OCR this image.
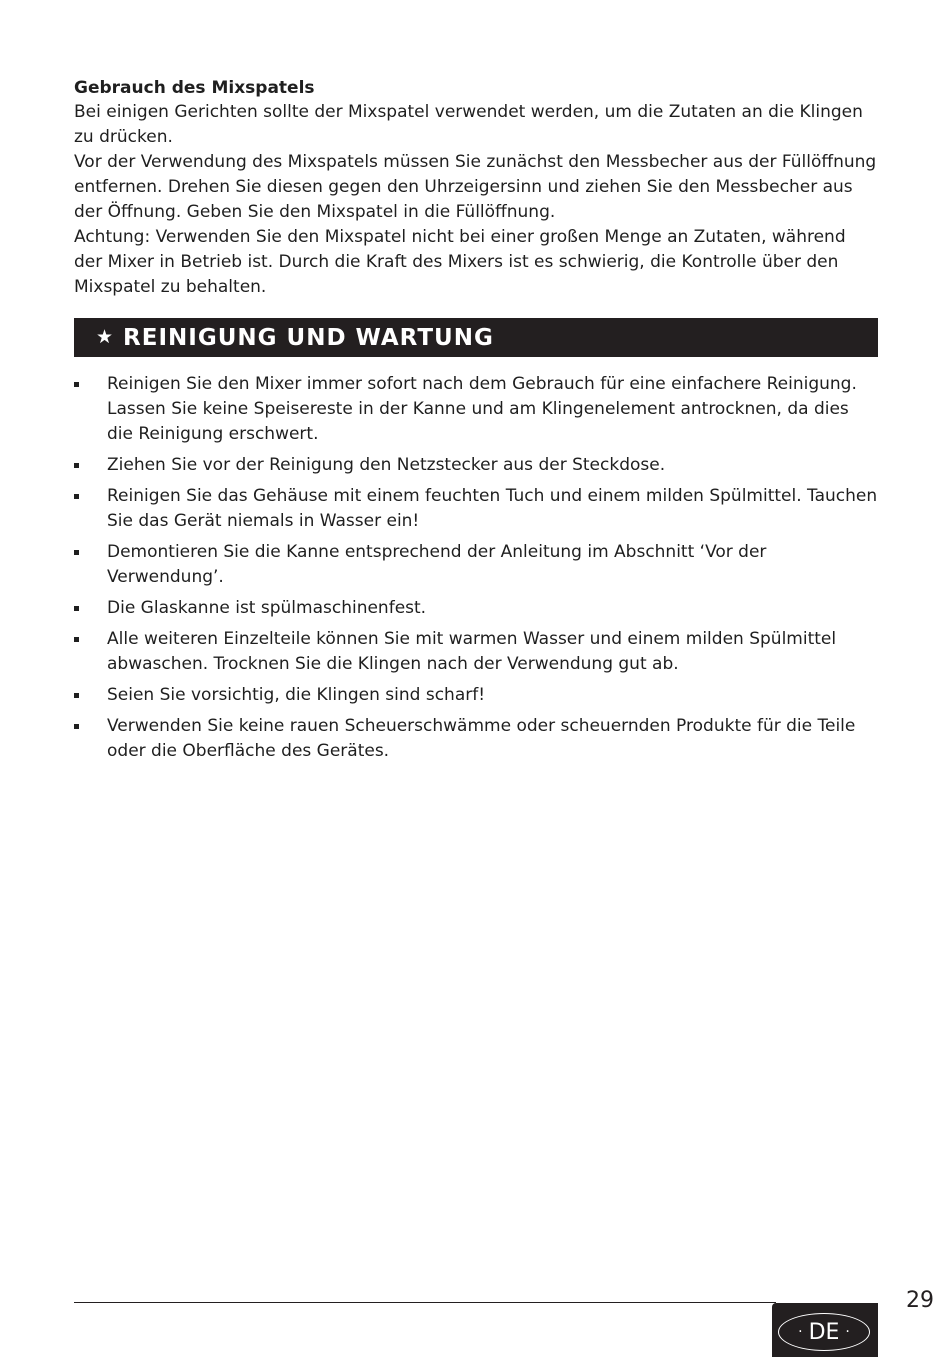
Gebrauch des Mixspatels

Bei einigen Gerichten sollte der Mixspatel verwendet werden, um die Zutaten an die Klingen zu drücken.

Vor der Verwendung des Mixspatels müssen Sie zunächst den Messbecher aus der Füllöffnung entfernen. Drehen Sie diesen gegen den Uhrzeigersinn und ziehen Sie den Messbecher aus der Öffnung. Geben Sie den Mixspatel in die Füllöffnung.

Achtung: Verwenden Sie den Mixspatel nicht bei einer großen Menge an Zutaten, während der Mixer in Betrieb ist. Durch die Kraft des Mixers ist es schwierig, die Kontrolle über den Mixspatel zu behalten.

★ REINIGUNG UND WARTUNG
Reinigen Sie den Mixer immer sofort nach dem Gebrauch für eine einfachere Reinigung. Lassen Sie keine Speisereste in der Kanne und am Klingenelement antrocknen, da dies die Reinigung erschwert.
Ziehen Sie vor der Reinigung den Netzstecker aus der Steckdose.
Reinigen Sie das Gehäuse mit einem feuchten Tuch und einem milden Spülmittel. Tauchen Sie das Gerät niemals in Wasser ein!
Demontieren Sie die Kanne entsprechend der Anleitung im Abschnitt ‘Vor der Verwendung’.
Die Glaskanne ist spülmaschinenfest.
Alle weiteren Einzelteile können Sie mit warmen Wasser und einem milden Spülmittel abwaschen. Trocknen Sie die Klingen nach der Verwendung gut ab.
Seien Sie vorsichtig, die Klingen sind scharf!
Verwenden Sie keine rauen Scheuerschwämme oder scheuernden Produkte für die Teile oder die Oberfläche des Gerätes.
29
· DE ·
